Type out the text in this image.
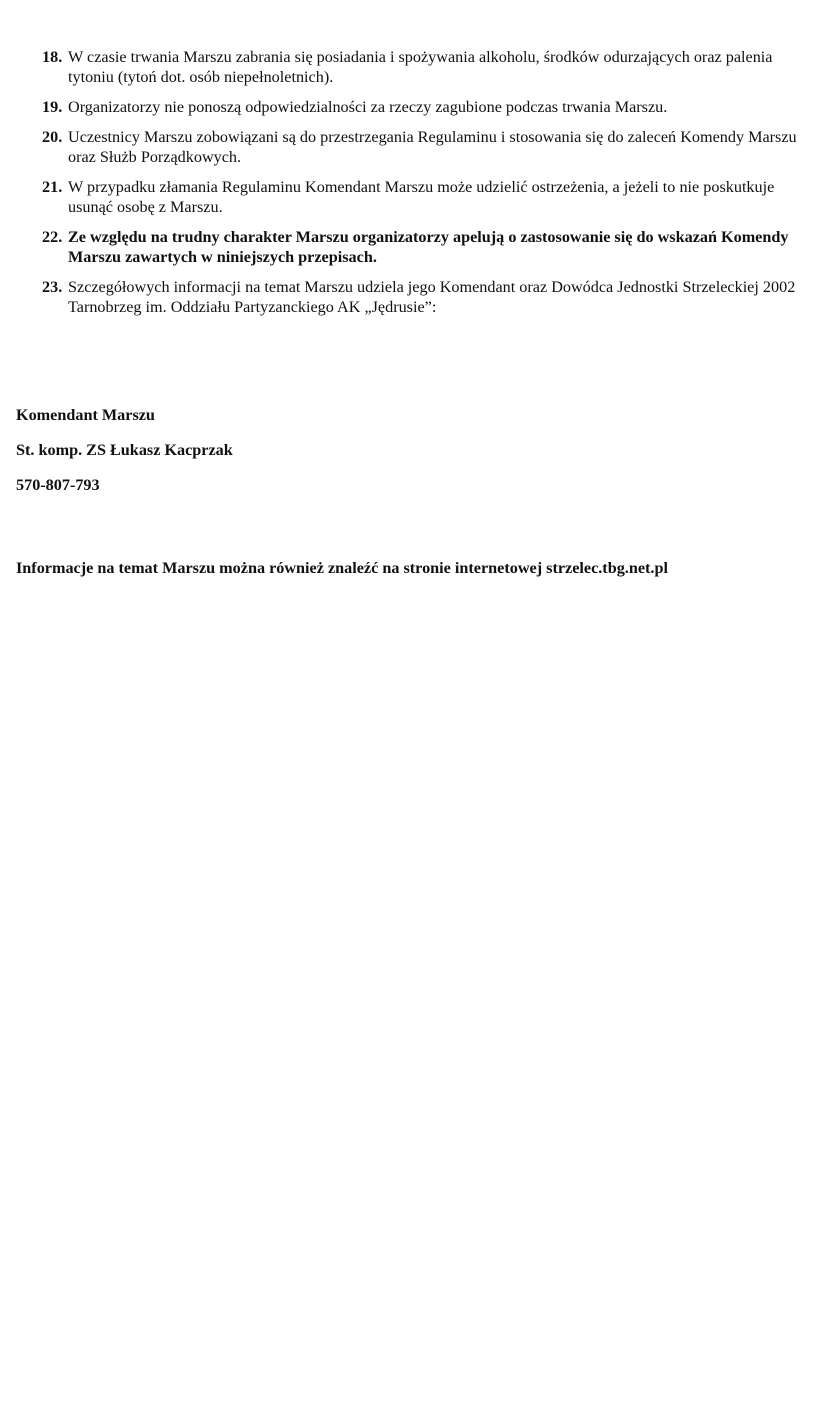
18. W czasie trwania Marszu zabrania się posiadania i spożywania alkoholu, środków odurzających oraz palenia tytoniu (tytoń dot. osób niepełnoletnich).
19. Organizatorzy nie ponoszą odpowiedzialności za rzeczy zagubione podczas trwania Marszu.
20. Uczestnicy Marszu zobowiązani są do przestrzegania Regulaminu i stosowania się do zaleceń Komendy Marszu oraz Służb Porządkowych.
21. W przypadku złamania Regulaminu Komendant Marszu może udzielić ostrzeżenia, a jeżeli to nie poskutkuje usunąć osobę z Marszu.
22. Ze względu na trudny charakter Marszu organizatorzy apelują o zastosowanie się do wskazań Komendy Marszu zawartych w niniejszych przepisach.
23. Szczegółowych informacji na temat Marszu udziela jego Komendant oraz Dowódca Jednostki Strzeleckiej 2002 Tarnobrzeg im. Oddziału Partyzanckiego AK „Jędrusie”:

Komendant Marszu

St. komp. ZS Łukasz Kacprzak

570-807-793

Informacje na temat Marszu można również znaleźć na stronie internetowej strzelec.tbg.net.pl
